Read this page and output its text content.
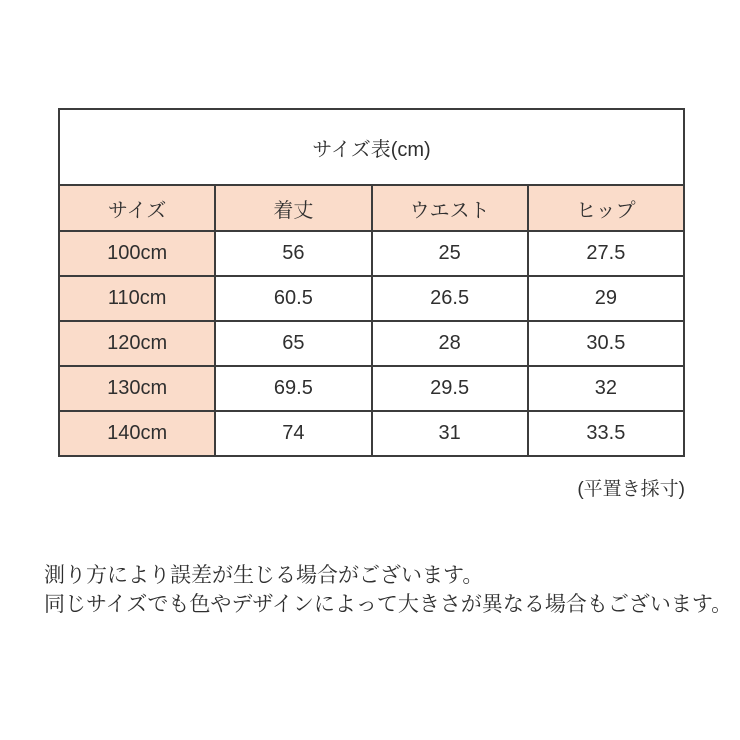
サイズ表(cm)			
サイズ	着丈	ウエスト	ヒップ
100cm	56	25	27.5
110cm	60.5	26.5	29
120cm	65	28	30.5
130cm	69.5	29.5	32
140cm	74	31	33.5
(平置き採寸)
測り方により誤差が生じる場合がございます。
同じサイズでも色やデザインによって大きさが異なる場合もございます。
